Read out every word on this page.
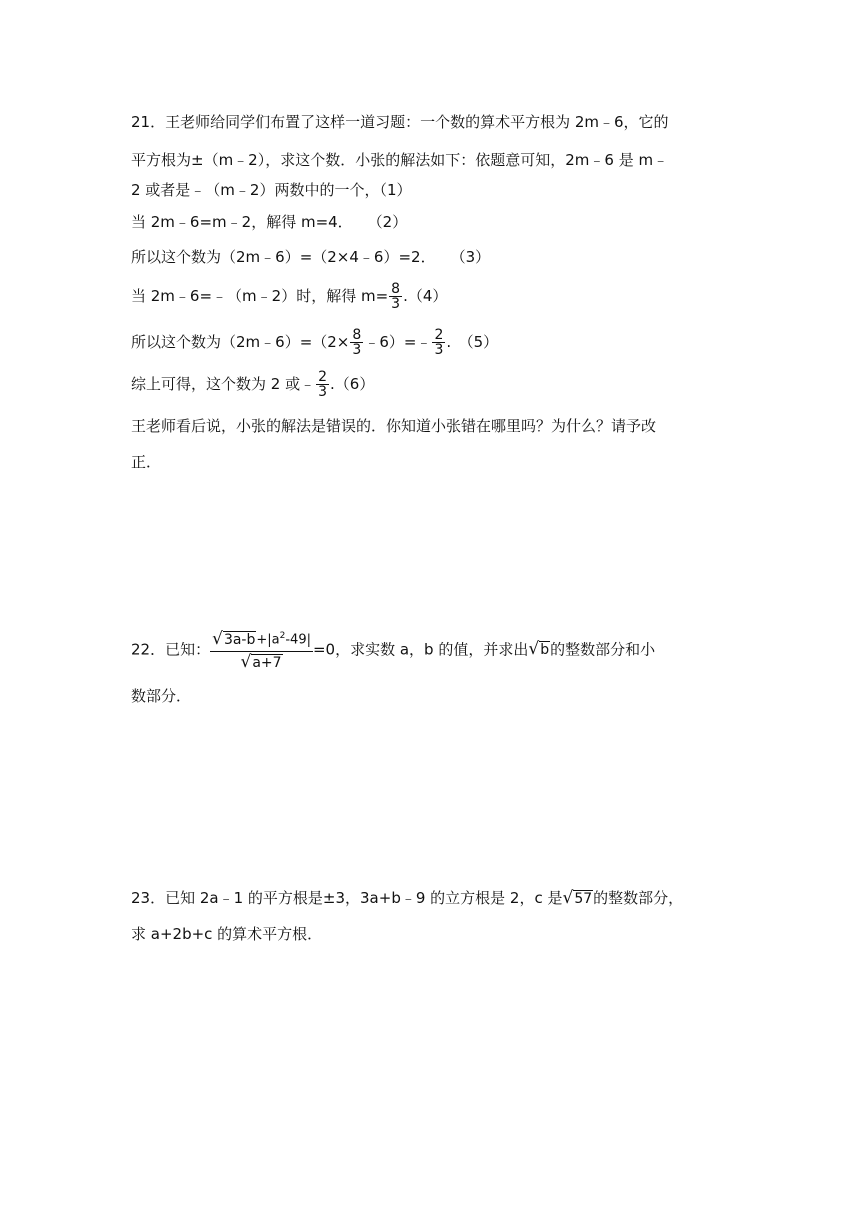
21．王老师给同学们布置了这样一道习题：一个数的算术平方根为 2m﹣6，它的
平方根为±（m﹣2），求这个数．小张的解法如下：依题意可知，2m﹣6 是 m﹣
2 或者是﹣（m﹣2）两数中的一个，（1）
当 2m﹣6=m﹣2，解得 m=4．　　（2）
所以这个数为（2m﹣6）=（2×4﹣6）=2．　　（3）
当 2m﹣6=﹣（m﹣2）时，解得 $m= \frac{8}{3} .(4)$
所以这个数为（2m﹣6）=（2× $\frac{8}{3}$ ﹣6）=﹣ $\frac{2}{3}$ .　（5）
综上可得，这个数为 2 或﹣ $\frac{2}{3} .(6)$
王老师看后说，小张的解法是错误的．你知道小张错在哪里吗？为什么？请予改
正．
22．已知： $\frac{√3a-b+|a^2-49|}{√a+7} =0$，求实数 a，b 的值，并求出√b的整数部分和小
数部分．
23．已知 2a﹣1 的平方根是±3，3a+b﹣9 的立方根是 2，c 是√57的整数部分，
求 a+2b+c 的算术平方根．
